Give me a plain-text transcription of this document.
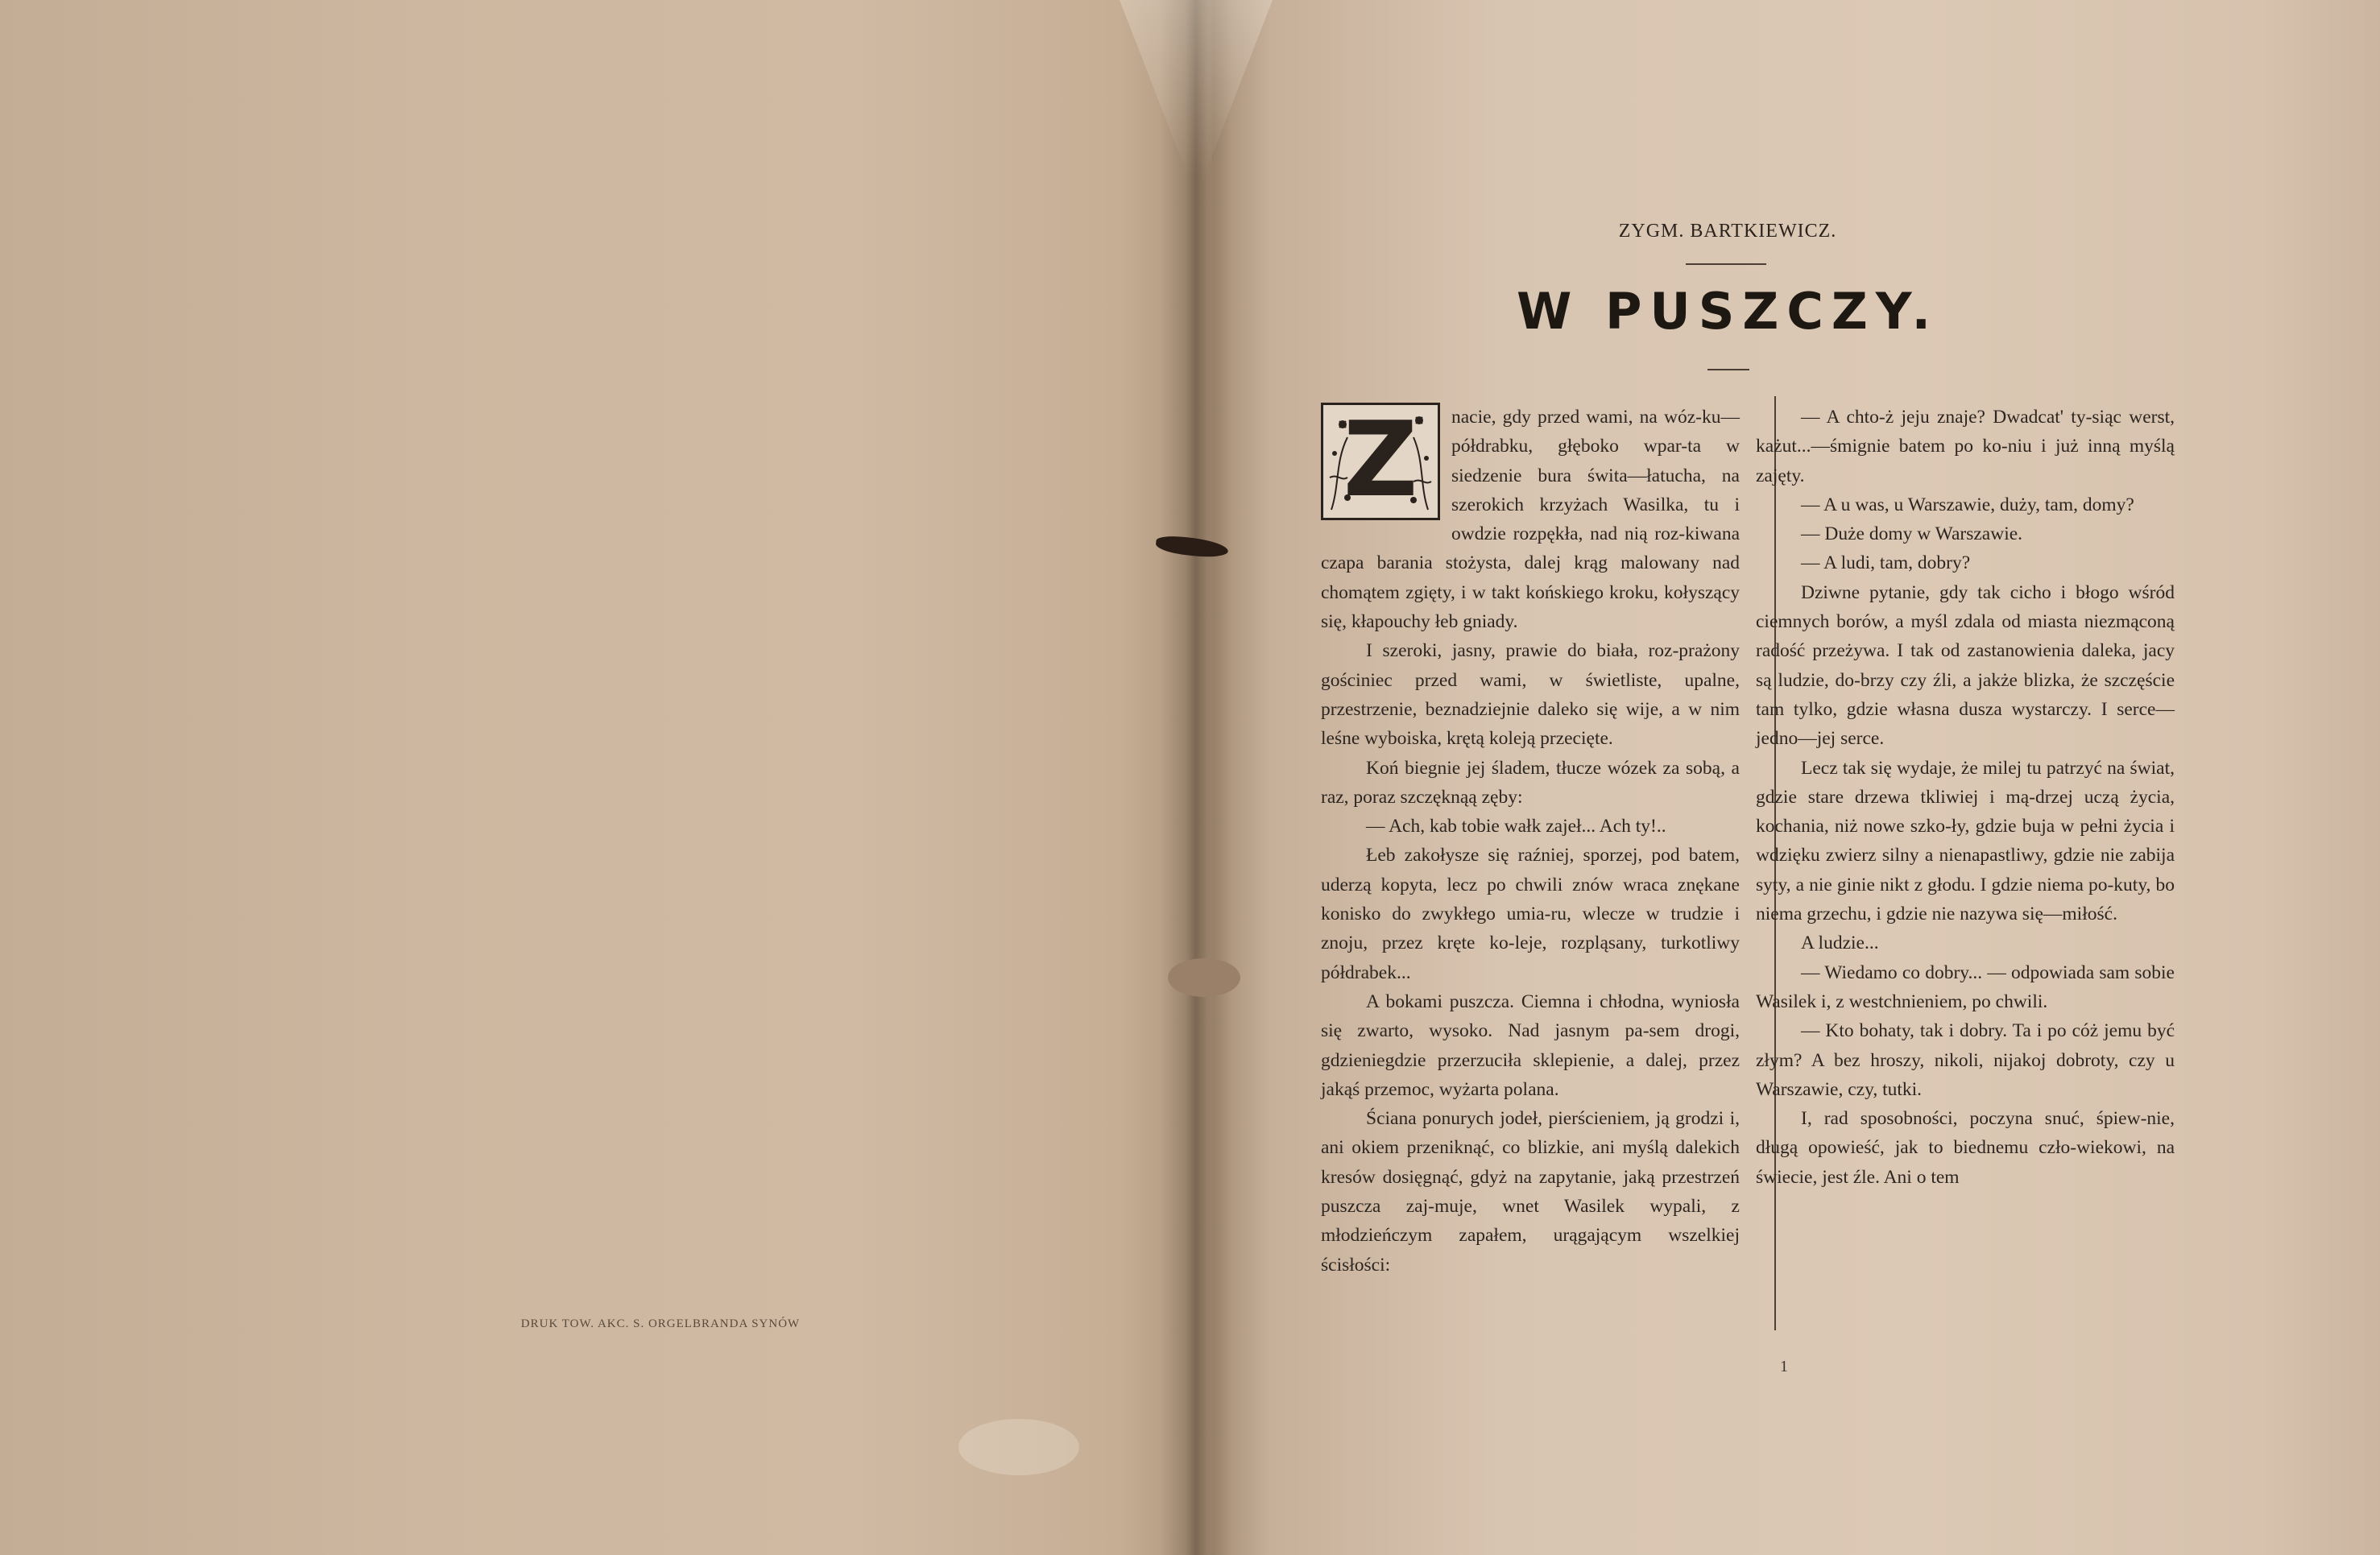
DRUK TOW. AKC. S. ORGELBRANDA SYNÓW
ZYGM. BARTKIEWICZ.
W PUSZCZY.
Z	nacie, gdy przed wami, na wóz-ku—półdrabku, głęboko wpar-ta w siedzenie bura świta—łatucha, na szerokich krzyżach Wasilka, tu i owdzie rozpękła, nad nią roz-kiwana czapa barania stożysta, dalej krąg malowany nad chomątem zgięty, i w takt końskiego kroku, kołyszący się, kłapouchy łeb gniady.

I szeroki, jasny, prawie do biała, roz-prażony gościniec przed wami, w świetliste, upalne, przestrzenie, beznadziejnie daleko się wije, a w nim leśne wyboiska, krętą koleją przecięte.

Koń biegnie jej śladem, tłucze wózek za sobą, a raz, poraz szczęknąą zęby:

— Ach, kab tobie wałk zajeł... Ach ty!..

Łeb zakołysze się raźniej, sporzej, pod batem, uderzą kopyta, lecz po chwili znów wraca znękane konisko do zwykłego umia-ru, wlecze w trudzie i znoju, przez kręte ko-leje, rozpląsany, turkotliwy półdrabek...

A bokami puszcza. Ciemna i chłodna, wyniosła się zwarto, wysoko. Nad jasnym pa-sem drogi, gdzieniegdzie przerzuciła sklepienie, a dalej, przez jakąś przemoc, wyżarta polana.

Ściana ponurych jodeł, pierścieniem, ją grodzi i, ani okiem przeniknąć, co blizkie, ani myślą dalekich kresów dosięgnąć, gdyż na zapytanie, jaką przestrzeń puszcza zaj-muje, wnet Wasilek wypali, z młodzieńczym zapałem, urągającym wszelkiej ścisłości:

— A chto-ż jeju znaje? Dwadcat' ty-siąc werst, każut...—śmignie batem po ko-niu i już inną myślą zajęty.

— A u was, u Warszawie, duży, tam, domy?

— Duże domy w Warszawie.

— A ludi, tam, dobry?

Dziwne pytanie, gdy tak cicho i błogo wśród ciemnych borów, a myśl zdala od miasta niezmąconą radość przeżywa. I tak od zastanowienia daleka, jacy są ludzie, do-brzy czy źli, a jakże blizka, że szczęście tam tylko, gdzie własna dusza wystarczy. I serce—jedno—jej serce.

Lecz tak się wydaje, że milej tu patrzyć na świat, gdzie stare drzewa tkliwiej i mą-drzej uczą życia, kochania, niż nowe szko-ły, gdzie buja w pełni życia i wdzięku zwierz silny a nienapastliwy, gdzie nie zabija syty, a nie ginie nikt z głodu. I gdzie niema po-kuty, bo niema grzechu, i gdzie nie nazywa się—miłość.

A ludzie...

— Wiedamo co dobry... — odpowiada sam sobie Wasilek i, z westchnieniem, po chwili.

— Kto bohaty, tak i dobry. Ta i po cóż jemu być złym? A bez hroszy, nikoli, nijakoj dobroty, czy u Warszawie, czy, tutki.

I, rad sposobności, poczyna snuć, śpiew-nie, długą opowieść, jak to biednemu czło-wiekowi, na świecie, jest źle. Ani o tem

1
